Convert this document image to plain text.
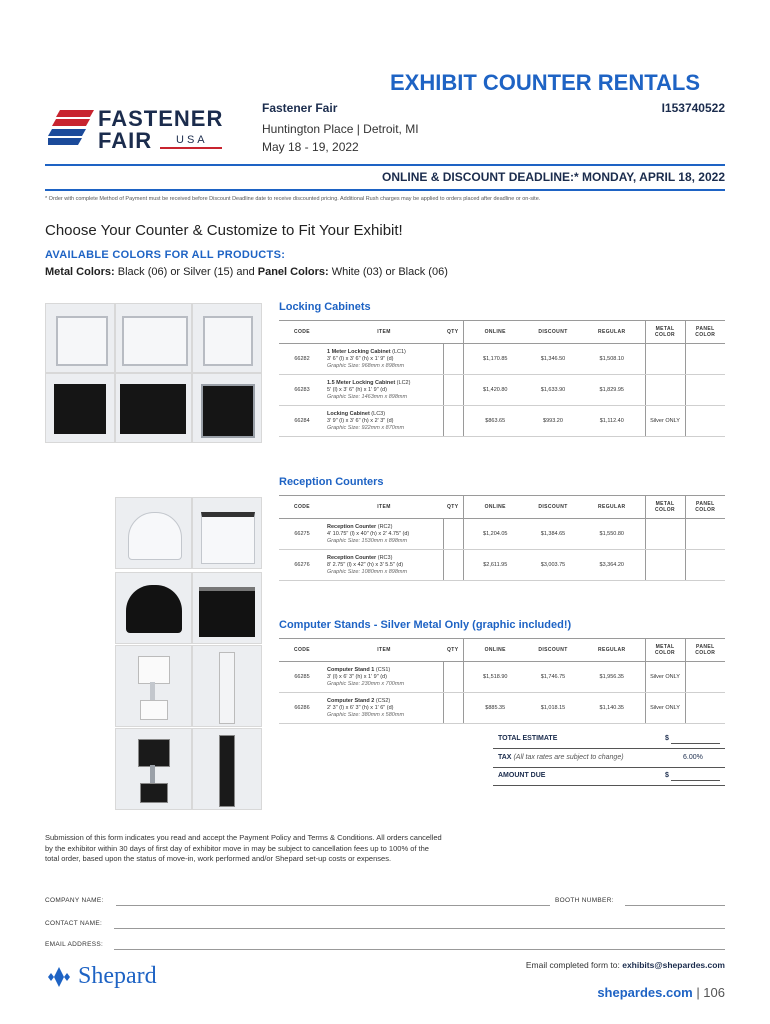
FASTENER
FAIR USA
EXHIBIT COUNTER RENTALS
Fastener Fair	I153740522
Huntington Place | Detroit, MI
May 18 - 19, 2022
ONLINE & DISCOUNT DEADLINE:* MONDAY, APRIL 18, 2022
* Order with complete Method of Payment must be received before Discount Deadline date to receive discounted pricing. Additional Rush charges may be applied to orders placed after deadline or on-site.
Choose Your Counter & Customize to Fit Your Exhibit!
AVAILABLE COLORS FOR ALL PRODUCTS:
Metal Colors: Black (06) or Silver (15) and Panel Colors: White (03) or Black (06)
Locking Cabinets
CODE	ITEM	QTY	ONLINE	DISCOUNT	REGULAR	METAL COLOR	PANEL COLOR
66282	1 Meter Locking Cabinet (LC1)
3' 6" (l) x 3' 6" (h) x 1' 9" (d)
Graphic Size: 968mm x 898mm		$1,170.85	$1,346.50	$1,508.10		
66283	1.5 Meter Locking Cabinet (LC2)
5' (l) x 3' 6" (h) x 1' 9" (d)
Graphic Size: 1463mm x 898mm		$1,420.80	$1,633.90	$1,829.95		
66284	Locking Cabinet (LC3)
3' 9" (l) x 3' 6" (h) x 2' 3" (d)
Graphic Size: 922mm x 870mm		$863.65	$993.20	$1,112.40	Silver ONLY	
Reception Counters
CODE	ITEM	QTY	ONLINE	DISCOUNT	REGULAR	METAL COLOR	PANEL COLOR
66275	Reception Counter (RC2)
4' 10.75" (l) x 40" (h) x 2' 4.75" (d)
Graphic Size: 1530mm x 898mm		$1,204.05	$1,384.65	$1,550.80		
66276	Reception Counter (RC3)
8' 2.75" (l) x 42" (h) x 3' 5.5" (d)
Graphic Size: 1080mm x 898mm		$2,611.95	$3,003.75	$3,364.20		
Computer Stands - Silver Metal Only (graphic included!)
CODE	ITEM	QTY	ONLINE	DISCOUNT	REGULAR	METAL COLOR	PANEL COLOR
66285	Computer Stand 1 (CS1)
3' (l) x 6' 3" (h) x 1' 9" (d)
Graphic Size: 230mm x 700mm		$1,518.90	$1,746.75	$1,956.35	Silver ONLY	
66286	Computer Stand 2 (CS2)
2' 3" (l) x 6' 3" (h) x 1' 6" (d)
Graphic Size: 380mm x 580mm		$885.35	$1,018.15	$1,140.35	Silver ONLY	
TOTAL ESTIMATE	$
TAX (All tax rates are subject to change)	6.00%
AMOUNT DUE	$
Submission of this form indicates you read and accept the Payment Policy and Terms & Conditions. All orders cancelled by the exhibitor within 30 days of first day of exhibitor move in may be subject to cancellation fees up to 100% of the total order, based upon the status of move-in, work performed and/or Shepard set-up costs or expenses.
COMPANY NAME:	BOOTH NUMBER:
CONTACT NAME:
EMAIL ADDRESS:
Shepard	Email completed form to: exhibits@shepardes.com
shepardes.com | 106
